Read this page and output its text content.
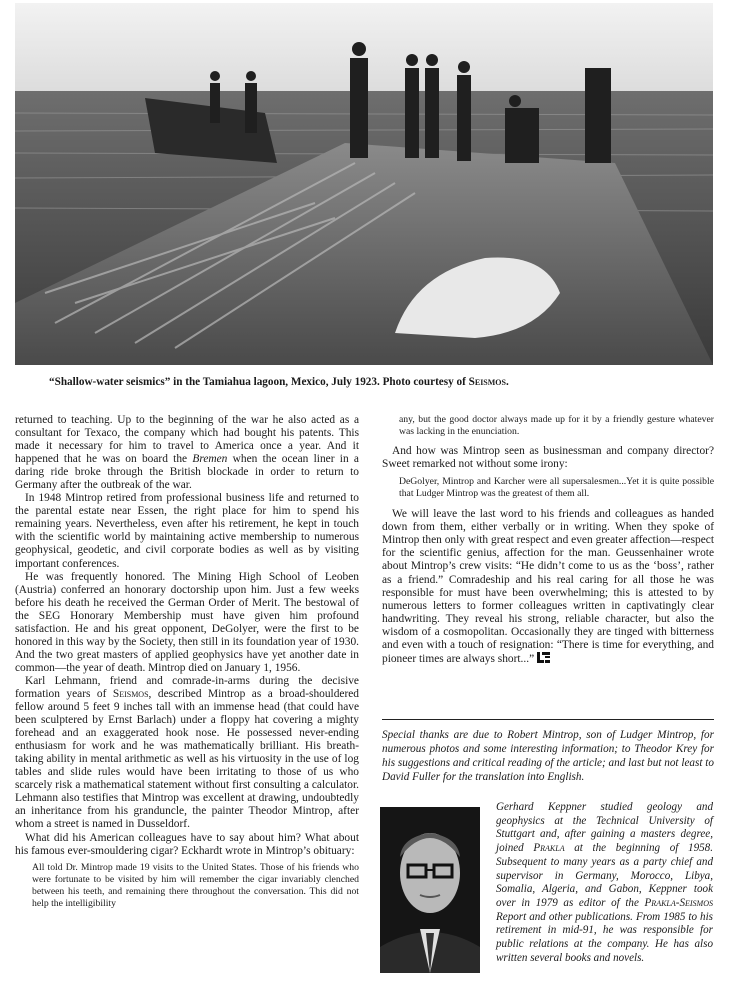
“Shallow-water seismics” in the Tamiahua lagoon, Mexico, July 1923. Photo courtesy of Seismos.

returned to teaching. Up to the beginning of the war he also acted as a consultant for Texaco, the company which had bought his patents. This made it necessary for him to travel to America once a year. And it happened that he was on board the Bremen when the ocean liner in a daring ride broke through the British blockade in order to return to Germany after the outbreak of the war.

In 1948 Mintrop retired from professional business life and returned to the parental estate near Essen, the right place for him to spend his remaining years. Nevertheless, even after his retirement, he kept in touch with the scientific world by maintaining active membership to numerous geophysical, geodetic, and civil corporate bodies as well as by visiting important conferences.

He was frequently honored. The Mining High School of Leoben (Austria) conferred an honorary doctorship upon him. Just a few weeks before his death he received the German Order of Merit. The bestowal of the SEG Honorary Membership must have given him profound satisfaction. He and his great opponent, DeGolyer, were the first to be honored in this way by the Society, then still in its foundation year of 1930. And the two great masters of applied geophysics have yet another date in common—the year of death. Mintrop died on January 1, 1956.

Karl Lehmann, friend and comrade-in-arms during the decisive formation years of Seismos, described Mintrop as a broad-shouldered fellow around 5 feet 9 inches tall with an immense head (that could have been sculptered by Ernst Barlach) under a floppy hat covering a mighty forehead and an exaggerated hook nose. He possessed never-ending enthusiasm for work and he was mathematically brilliant. His breath-taking ability in mental arithmetic as well as his virtuosity in the use of log tables and slide rules would have been irritating to those of us who scarcely risk a mathematical statement without first consulting a calculator. Lehmann also testifies that Mintrop was excellent at drawing, undoubtedly an inheritance from his granduncle, the painter Theodor Mintrop, after whom a street is named in Dusseldorf.

What did his American colleagues have to say about him? What about his famous ever-smouldering cigar? Eckhardt wrote in Mintrop’s obituary:

All told Dr. Mintrop made 19 visits to the United States. Those of his friends who were fortunate to be visited by him will remember the cigar invariably clenched between his teeth, and remaining there throughout the conversation. This did not help the intelligibility

any, but the good doctor always made up for it by a friendly gesture whatever was lacking in the enunciation.

And how was Mintrop seen as businessman and company director? Sweet remarked not without some irony:

DeGolyer, Mintrop and Karcher were all supersalesmen...Yet it is quite possible that Ludger Mintrop was the greatest of them all.

We will leave the last word to his friends and colleagues as handed down from them, either verbally or in writing. When they spoke of Mintrop then only with great respect and even greater affection—respect for the scientific genius, affection for the man. Geussenhainer wrote about Mintrop’s crew visits: “He didn’t come to us as the ‘boss’, rather as a friend.” Comradeship and his real caring for all those he was responsible for must have been overwhelming; this is attested to by numerous letters to former colleagues written in captivatingly clear handwriting. They reveal his strong, reliable character, but also the wisdom of a cosmopolitan. Occasionally they are tinged with bitterness and even with a touch of resignation: “There is time for everything, and pioneer times are always short...”

Special thanks are due to Robert Mintrop, son of Ludger Mintrop, for numerous photos and some interesting information; to Theodor Krey for his suggestions and critical reading of the article; and last but not least to David Fuller for the translation into English.
Gerhard Keppner studied geology and geophysics at the Technical University of Stuttgart and, after gaining a masters degree, joined Prakla at the beginning of 1958. Subsequent to many years as a party chief and supervisor in Germany, Morocco, Libya, Somalia, Algeria, and Gabon, Keppner took over in 1979 as editor of the Prakla-Seismos Report and other publications. From 1985 to his retirement in mid-91, he was responsible for public relations at the company. He has also written several books and novels.
